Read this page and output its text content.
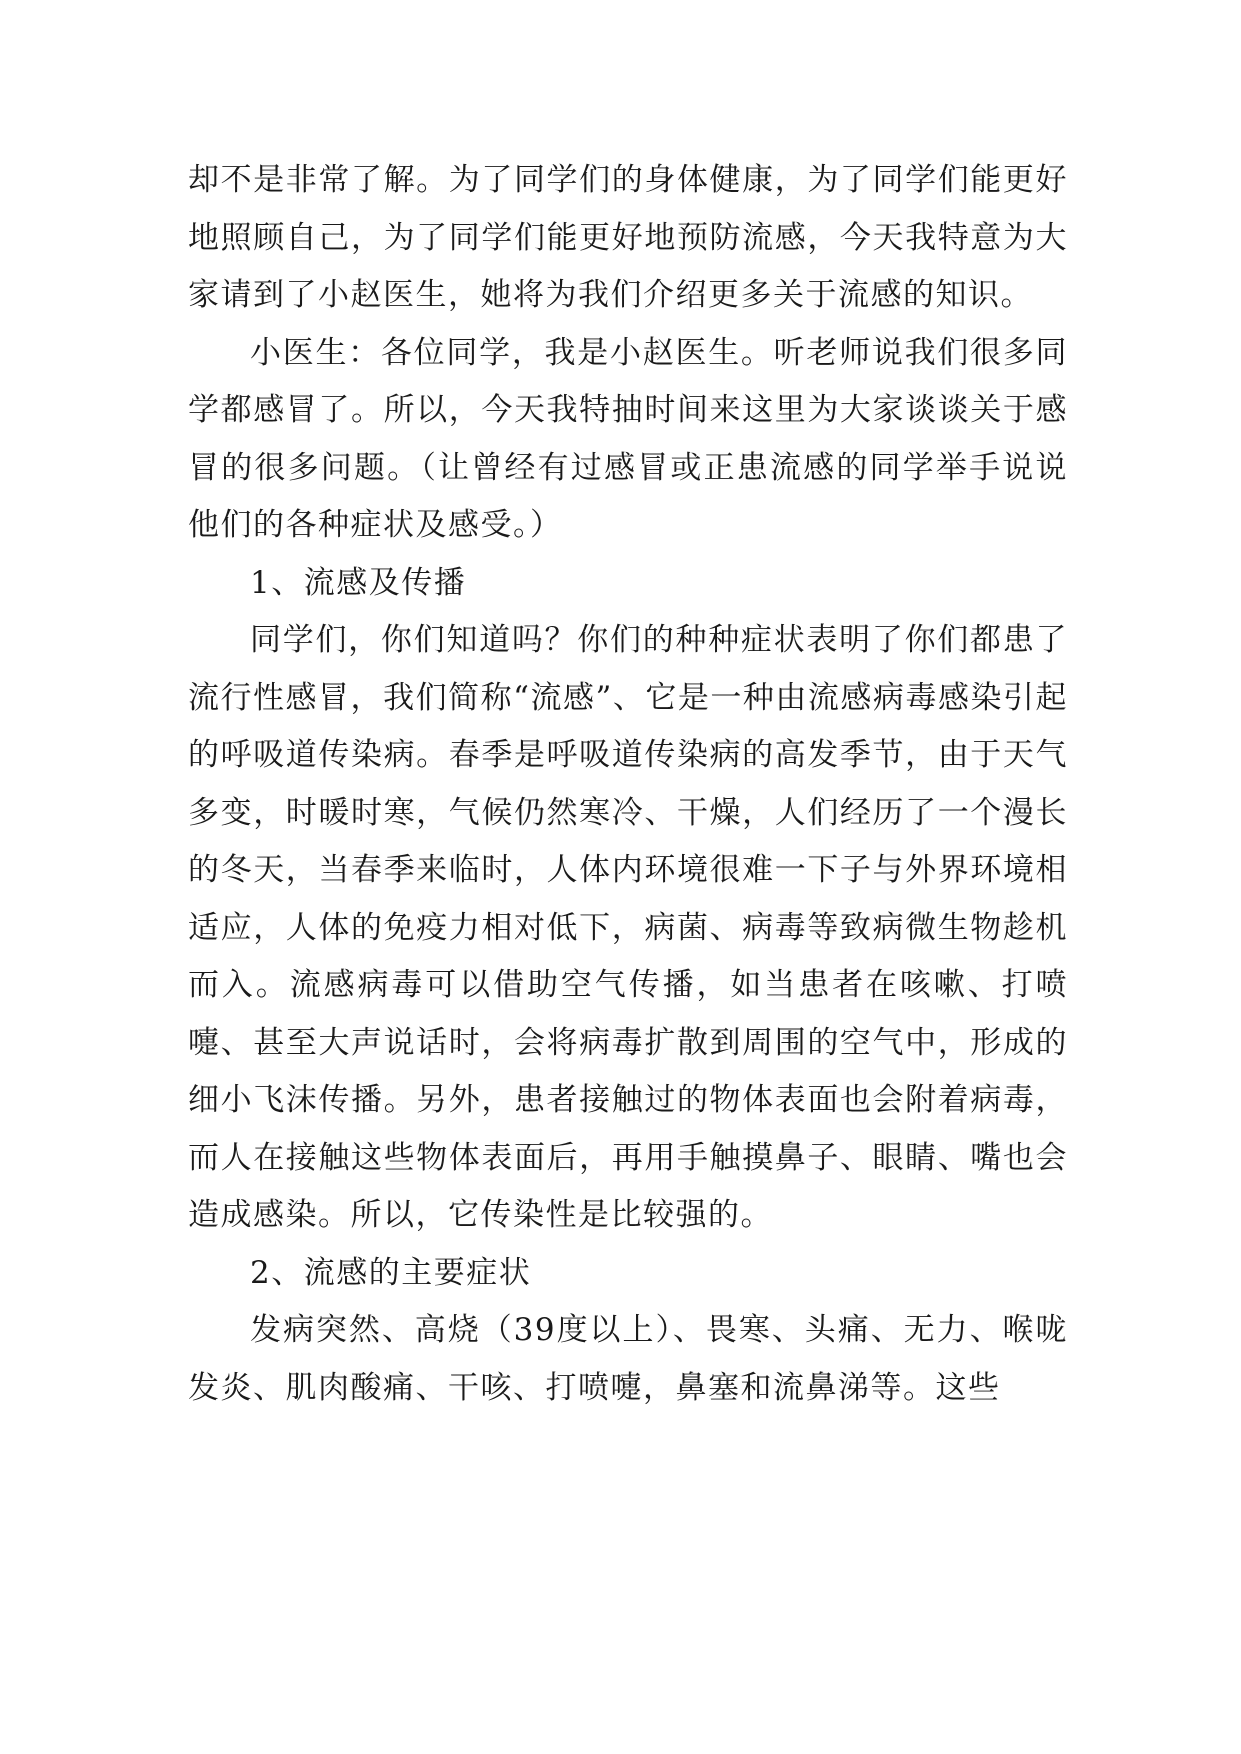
却不是非常了解。为了同学们的身体健康，为了同学们能更好地照顾自己，为了同学们能更好地预防流感，今天我特意为大家请到了小赵医生，她将为我们介绍更多关于流感的知识。

小医生：各位同学，我是小赵医生。听老师说我们很多同学都感冒了。所以，今天我特抽时间来这里为大家谈谈关于感冒的很多问题。（让曾经有过感冒或正患流感的同学举手说说他们的各种症状及感受。）

1、流感及传播

同学们，你们知道吗？你们的种种症状表明了你们都患了流行性感冒，我们简称“流感”、它是一种由流感病毒感染引起的呼吸道传染病。春季是呼吸道传染病的高发季节，由于天气多变，时暖时寒，气候仍然寒冷、干燥，人们经历了一个漫长的冬天，当春季来临时，人体内环境很难一下子与外界环境相适应，人体的免疫力相对低下，病菌、病毒等致病微生物趁机而入。流感病毒可以借助空气传播，如当患者在咳嗽、打喷嚏、甚至大声说话时，会将病毒扩散到周围的空气中，形成的细小飞沫传播。另外，患者接触过的物体表面也会附着病毒，而人在接触这些物体表面后，再用手触摸鼻子、眼睛、嘴也会造成感染。所以，它传染性是比较强的。

2、流感的主要症状

发病突然、高烧（39度以上）、畏寒、头痛、无力、喉咙发炎、肌肉酸痛、干咳、打喷嚏，鼻塞和流鼻涕等。这些
